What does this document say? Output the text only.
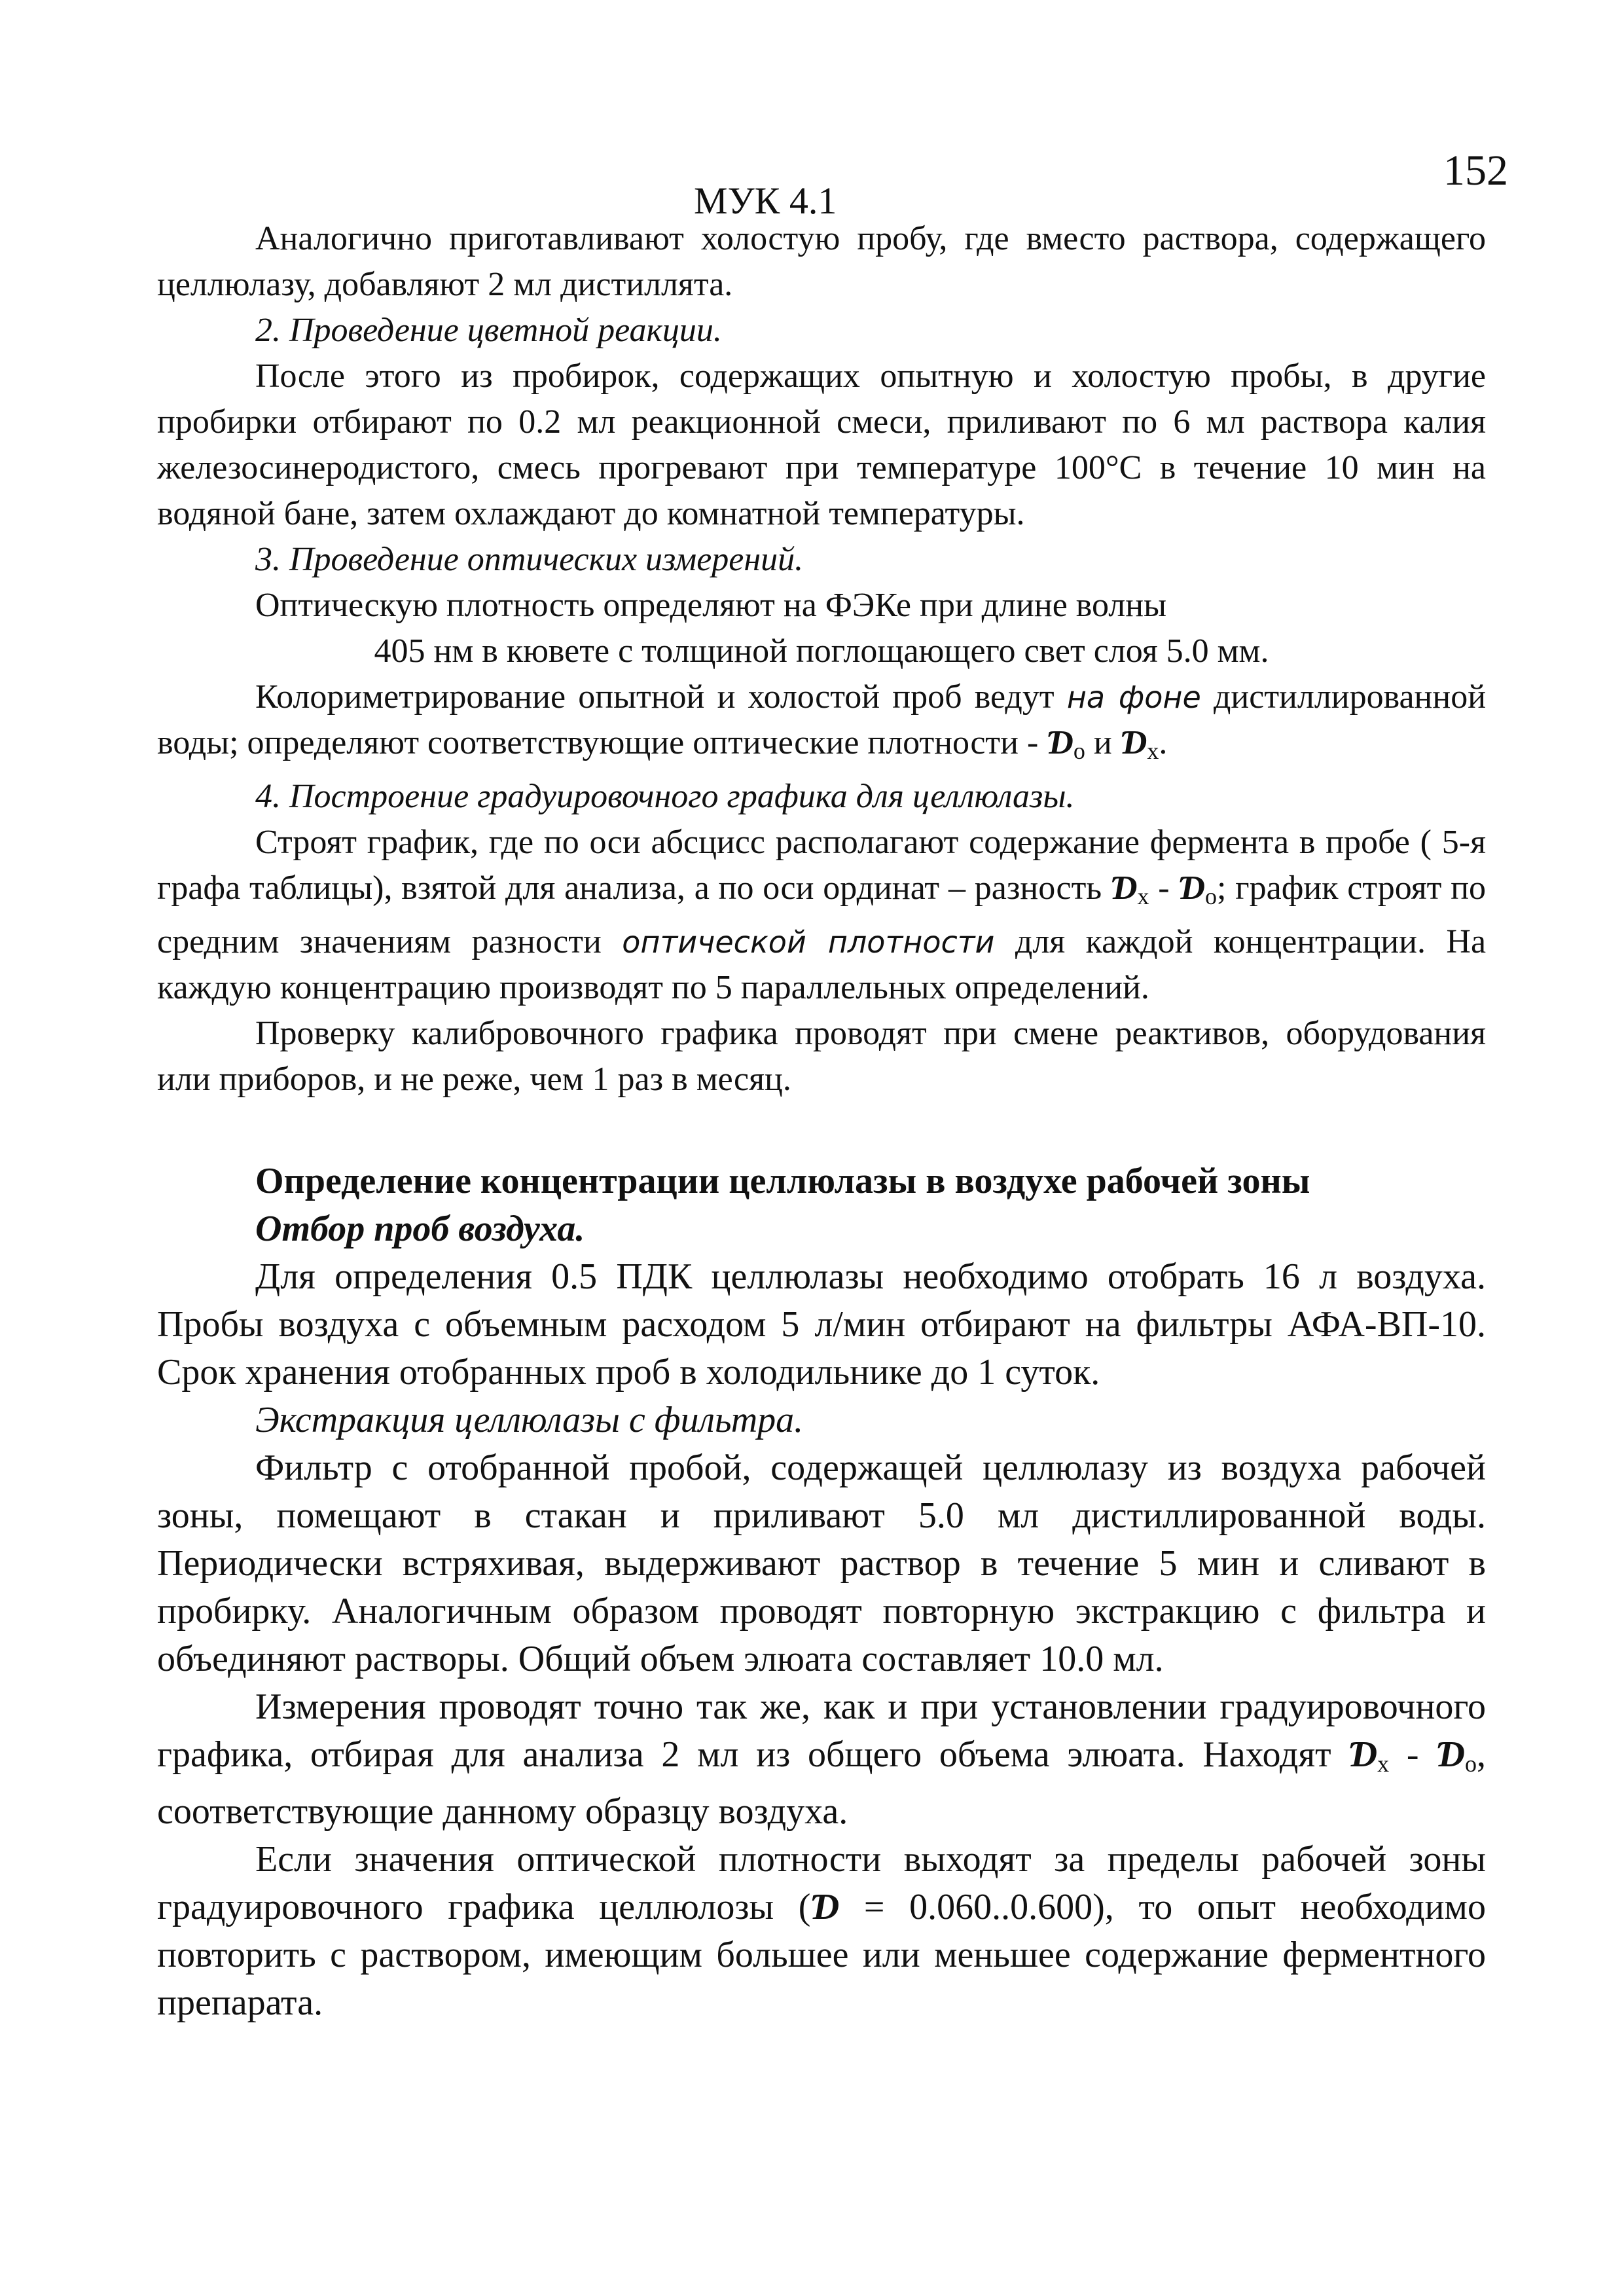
152
МУК 4.1

Аналогично приготавливают холостую пробу, где вместо раствора, содержащего целлюлазу, добавляют 2 мл дистиллята.

2. Проведение цветной реакции.

После этого из пробирок, содержащих опытную и холостую пробы, в другие пробирки отбирают по 0.2 мл реакционной смеси, приливают по 6 мл раствора калия железосинеродистого, смесь прогревают при температуре 100°С в течение 10 мин на водяной бане, затем охлаждают до комнатной температуры.

3. Проведение оптических измерений.

Оптическую плотность определяют на ФЭКе при длине волны

405 нм в кювете с толщиной поглощающего свет слоя 5.0 мм.

Колориметрирование опытной и холостой проб ведут на фоне дистиллированной воды; определяют соответствующие оптические плотности - $Ɗ_о$ и $Ɗ_х$.

4. Построение градуировочного графика для целлюлазы.

Строят график, где по оси абсцисс располагают содержание фермента в пробе ( 5-я графа таблицы), взятой для анализа, а по оси ординат – разность $Ɗ_х$ - $Ɗ_о$; график строят по средним значениям разности оптической плотности для каждой концентрации. На каждую концентрацию производят по 5 параллельных определений.

Проверку калибровочного графика проводят при смене реактивов, оборудования или приборов, и не реже, чем 1 раз в месяц.

Определение концентрации целлюлазы в воздухе рабочей зоны

Отбор проб воздуха.

Для определения 0.5 ПДК целлюлазы необходимо отобрать 16 л воздуха. Пробы воздуха с объемным расходом 5 л/мин отбирают на фильтры АФА-ВП-10. Срок хранения отобранных проб в холодильнике до 1 суток.

Экстракция целлюлазы с фильтра.

Фильтр с отобранной пробой, содержащей целлюлазу из воздуха рабочей зоны, помещают в стакан и приливают 5.0 мл дистиллированной воды. Периодически встряхивая, выдерживают раствор в течение 5 мин и сливают в пробирку. Аналогичным образом проводят повторную экстракцию с фильтра и объединяют растворы. Общий объем элюата составляет 10.0 мл.

Измерения проводят точно так же, как и при установлении градуировочного графика, отбирая для анализа 2 мл из общего объема элюата. Находят $Ɗ_х$ - $Ɗ_о$, соответствующие данному образцу воздуха.

Если значения оптической плотности выходят за пределы рабочей зоны градуировочного графика целлюлозы (Ɗ = 0.060..0.600), то опыт необходимо повторить с раствором, имеющим большее или меньшее содержание ферментного препарата.
